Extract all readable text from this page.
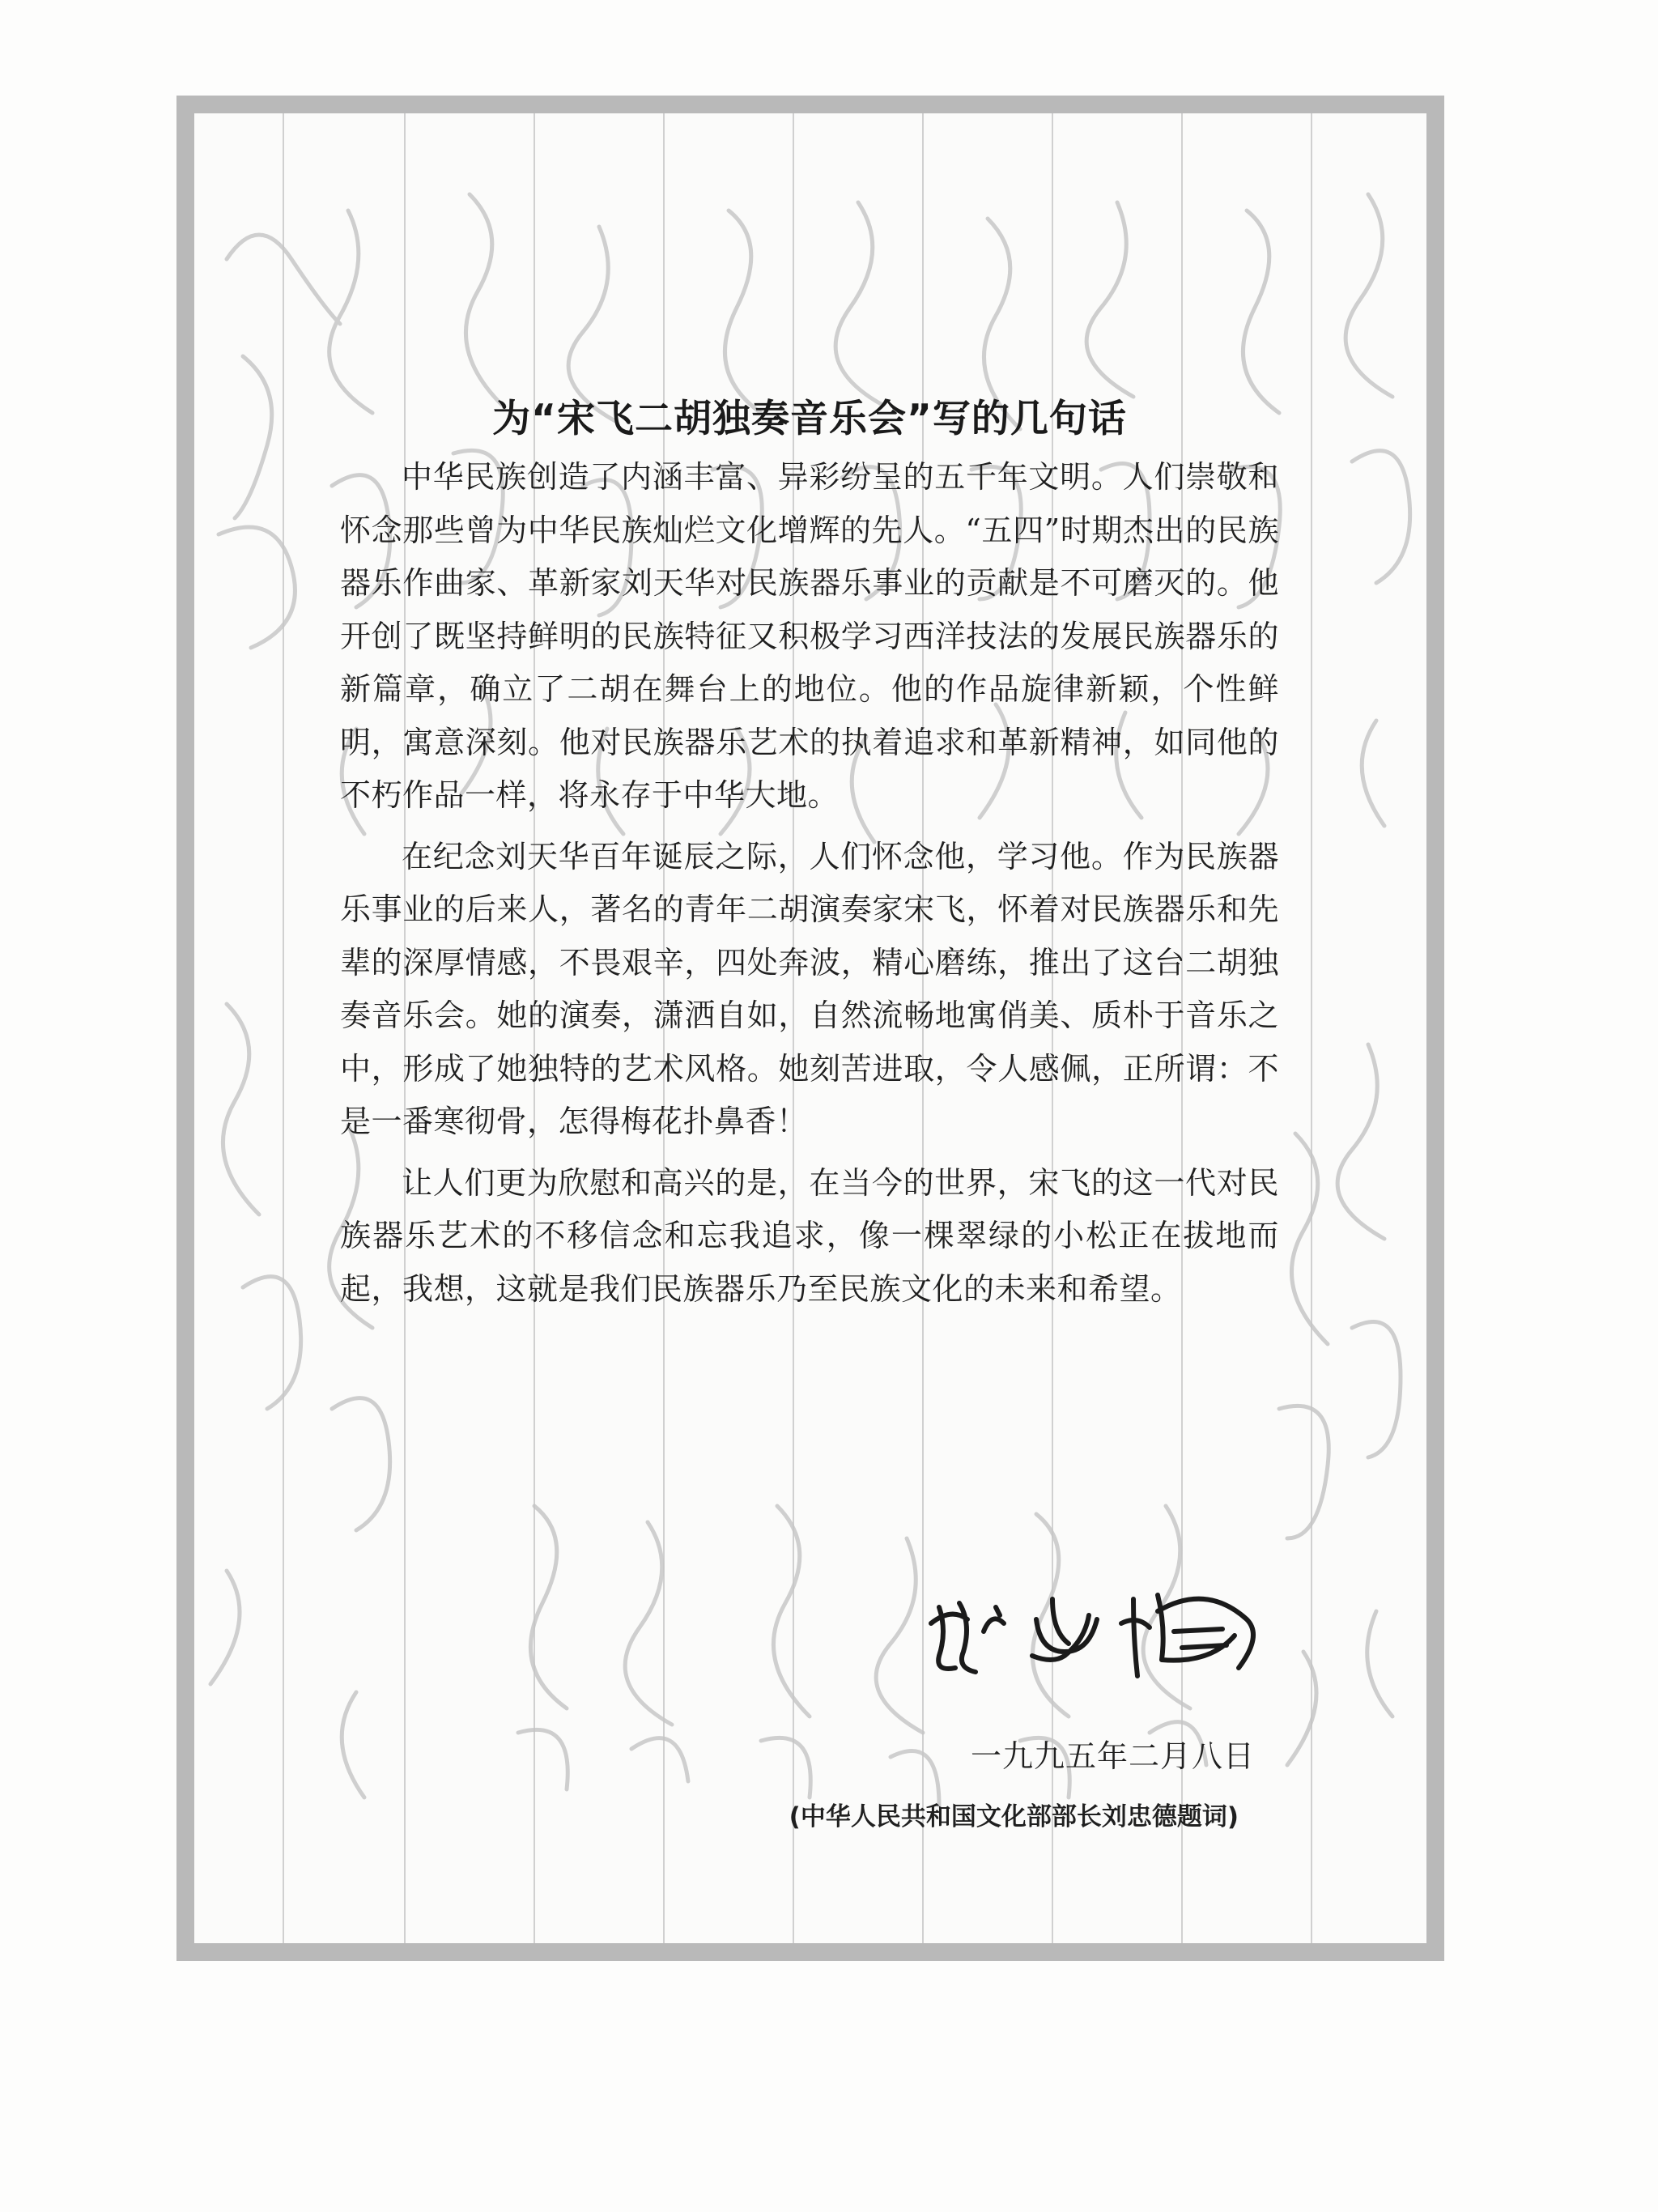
为“宋飞二胡独奏音乐会”写的几句话

中华民族创造了内涵丰富、异彩纷呈的五千年文明。人们崇敬和怀念那些曾为中华民族灿烂文化增辉的先人。“五四”时期杰出的民族器乐作曲家、革新家刘天华对民族器乐事业的贡献是不可磨灭的。他开创了既坚持鲜明的民族特征又积极学习西洋技法的发展民族器乐的新篇章，确立了二胡在舞台上的地位。他的作品旋律新颖，个性鲜明，寓意深刻。他对民族器乐艺术的执着追求和革新精神，如同他的不朽作品一样，将永存于中华大地。

在纪念刘天华百年诞辰之际，人们怀念他，学习他。作为民族器乐事业的后来人，著名的青年二胡演奏家宋飞，怀着对民族器乐和先辈的深厚情感，不畏艰辛，四处奔波，精心磨练，推出了这台二胡独奏音乐会。她的演奏，潇洒自如，自然流畅地寓俏美、质朴于音乐之中，形成了她独特的艺术风格。她刻苦进取，令人感佩，正所谓：不是一番寒彻骨，怎得梅花扑鼻香！

让人们更为欣慰和高兴的是，在当今的世界，宋飞的这一代对民族器乐艺术的不移信念和忘我追求，像一棵翠绿的小松正在拔地而起，我想，这就是我们民族器乐乃至民族文化的未来和希望。

一九九五年二月八日
(中华人民共和国文化部部长刘忠德题词)
